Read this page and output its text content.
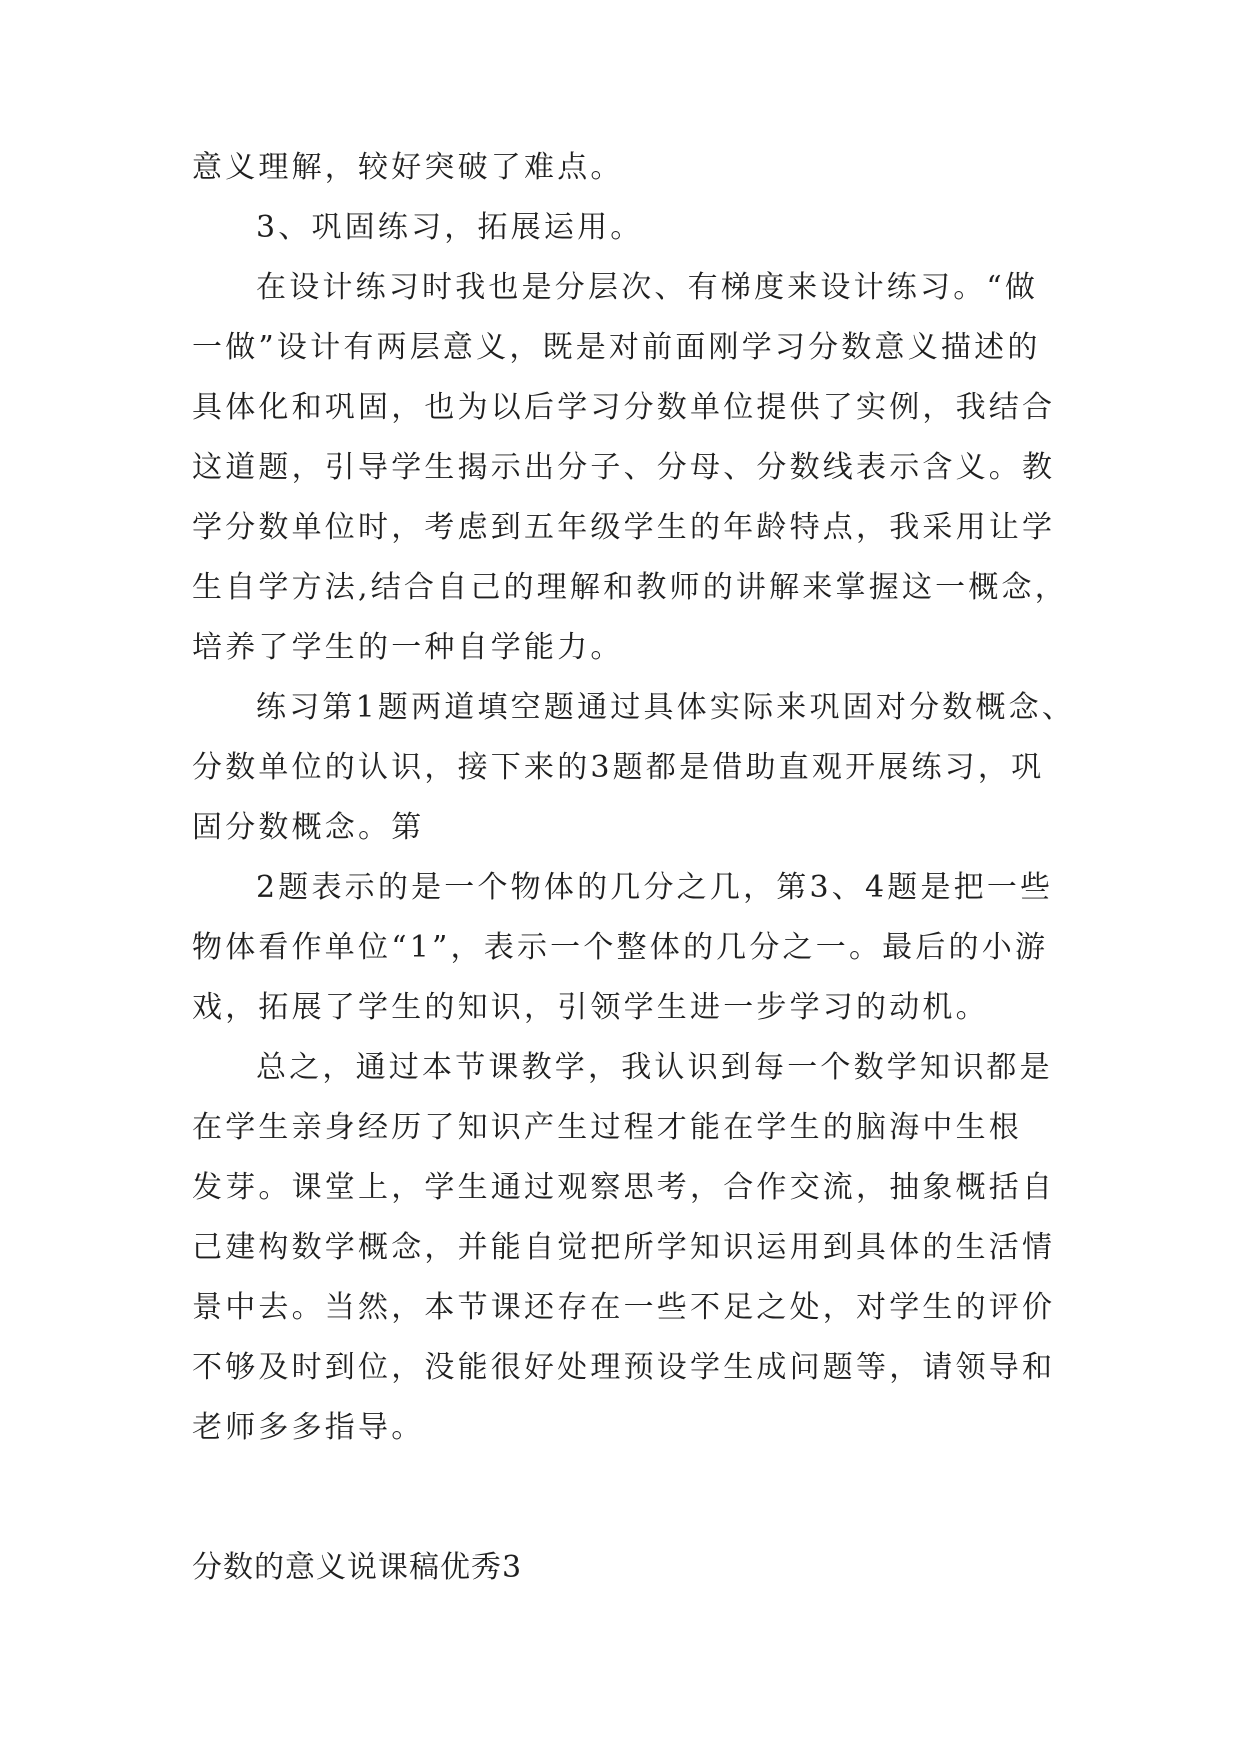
意义理解，较好突破了难点。
3、巩固练习，拓展运用。
在设计练习时我也是分层次、有梯度来设计练习。“做
一做”设计有两层意义，既是对前面刚学习分数意义描述的
具体化和巩固，也为以后学习分数单位提供了实例，我结合
这道题，引导学生揭示出分子、分母、分数线表示含义。教
学分数单位时，考虑到五年级学生的年龄特点，我采用让学
生自学方法,结合自己的理解和教师的讲解来掌握这一概念，
培养了学生的一种自学能力。
练习第1题两道填空题通过具体实际来巩固对分数概念、
分数单位的认识，接下来的3题都是借助直观开展练习，巩
固分数概念。第
2题表示的是一个物体的几分之几，第3、4题是把一些
物体看作单位“1”，表示一个整体的几分之一。最后的小游
戏，拓展了学生的知识，引领学生进一步学习的动机。
总之，通过本节课教学，我认识到每一个数学知识都是
在学生亲身经历了知识产生过程才能在学生的脑海中生根
发芽。课堂上，学生通过观察思考，合作交流，抽象概括自
己建构数学概念，并能自觉把所学知识运用到具体的生活情
景中去。当然，本节课还存在一些不足之处，对学生的评价
不够及时到位，没能很好处理预设学生成问题等，请领导和
老师多多指导。
分数的意义说课稿优秀3
